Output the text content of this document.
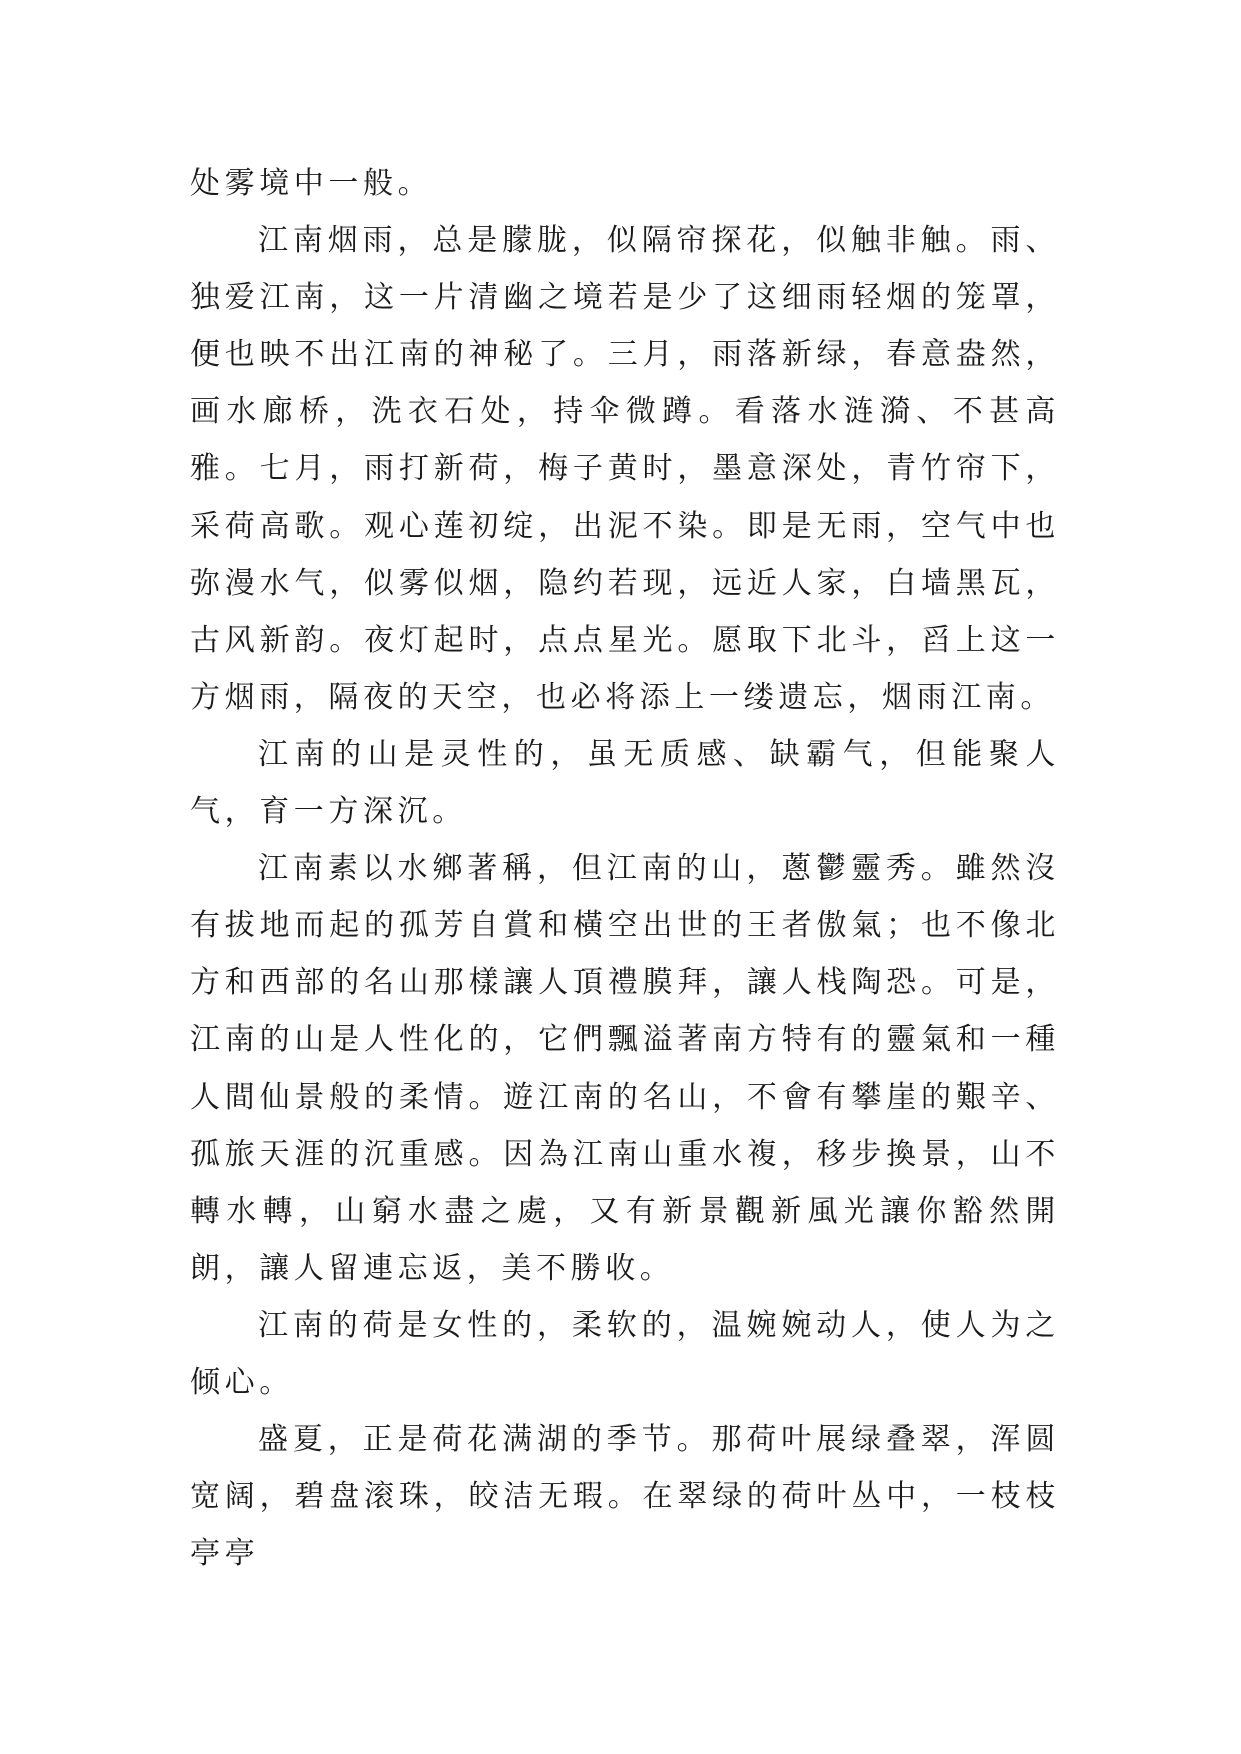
处雾境中一般。

江南烟雨，总是朦胧，似隔帘探花，似触非触。雨、独爱江南，这一片清幽之境若是少了这细雨轻烟的笼罩，便也映不出江南的神秘了。三月，雨落新绿，春意盎然，画水廊桥，洗衣石处，持伞微蹲。看落水涟漪、不甚高雅。七月，雨打新荷，梅子黄时，墨意深处，青竹帘下，采荷高歌。观心莲初绽，出泥不染。即是无雨，空气中也弥漫水气，似雾似烟，隐约若现，远近人家，白墙黑瓦，古风新韵。夜灯起时，点点星光。愿取下北斗，舀上这一方烟雨，隔夜的天空，也必将添上一缕遗忘，烟雨江南。

江南的山是灵性的，虽无质感、缺霸气，但能聚人气，育一方深沉。

江南素以水鄉著稱，但江南的山，蔥鬱靈秀。雖然沒有拔地而起的孤芳自賞和橫空出世的王者傲氣；也不像北方和西部的名山那樣讓人頂禮膜拜，讓人栈陶恐。可是，江南的山是人性化的，它們飄溢著南方特有的靈氣和一種人間仙景般的柔情。遊江南的名山，不會有攀崖的艱辛、孤旅天涯的沉重感。因為江南山重水複，移步換景，山不轉水轉，山窮水盡之處，又有新景觀新風光讓你豁然開朗，讓人留連忘返，美不勝收。

江南的荷是女性的，柔软的，温婉婉动人，使人为之倾心。

盛夏，正是荷花满湖的季节。那荷叶展绿叠翠，浑圆宽阔，碧盘滚珠，皎洁无瑕。在翠绿的荷叶丛中，一枝枝亭亭
